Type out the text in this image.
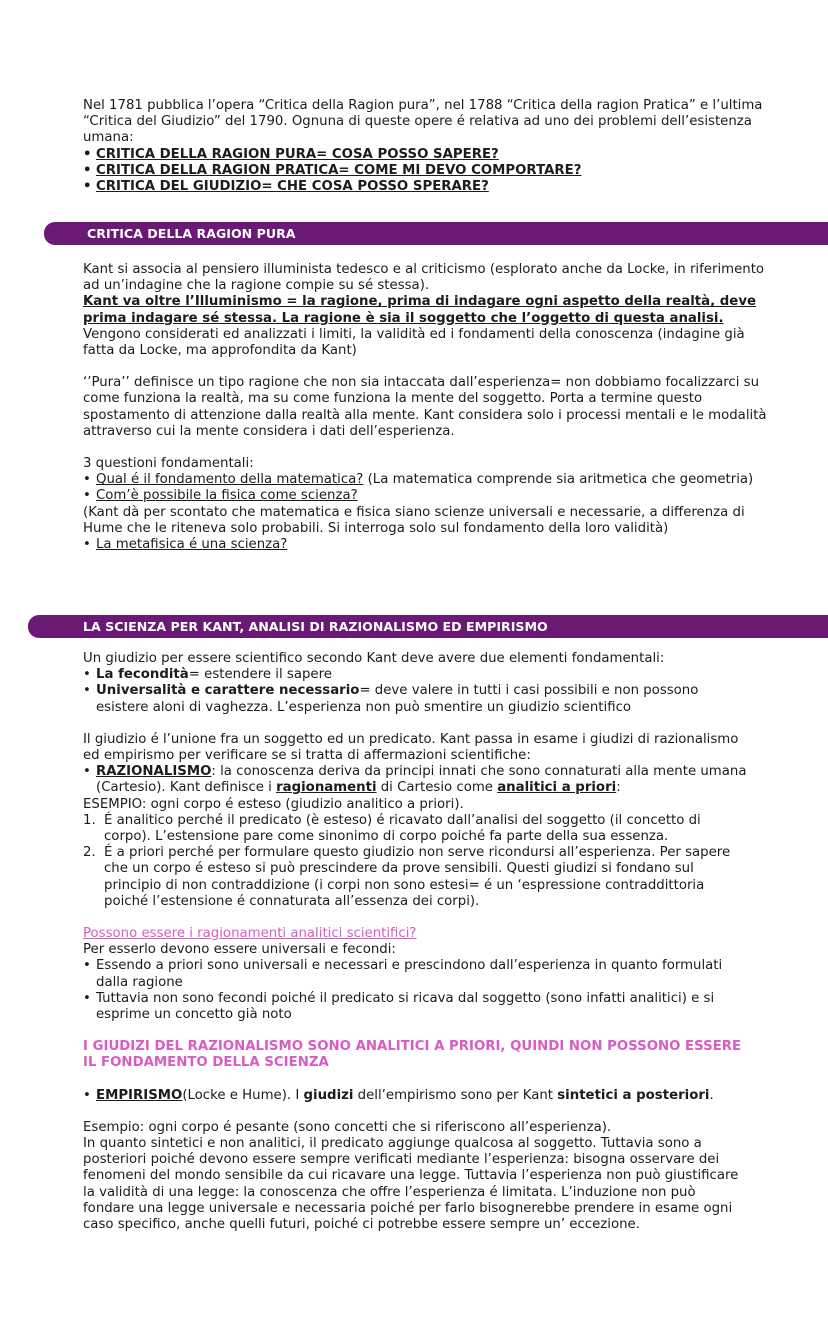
Nel 1781 pubblica l’opera “Critica della Ragion pura”, nel 1788 “Critica della ragion Pratica” e l’ultima “Critica del Giudizio” del 1790. Ognuna di queste opere é relativa ad uno dei problemi dell’esistenza umana:

• CRITICA DELLA RAGION PURA= COSA POSSO SAPERE?
• CRITICA DELLA RAGION PRATICA= COME MI DEVO COMPORTARE?
• CRITICA DEL GIUDIZIO= CHE COSA POSSO SPERARE?
CRITICA DELLA RAGION PURA

Kant si associa al pensiero illuminista tedesco e al criticismo (esplorato anche da Locke, in riferimento ad un’indagine che la ragione compie su sé stessa).

Kant va oltre l’Illuminismo = la ragione, prima di indagare ogni aspetto della realtà, deve prima indagare sé stessa. La ragione è sia il soggetto che l’oggetto di questa analisi.

Vengono considerati ed analizzati i limiti, la validità ed i fondamenti della conoscenza (indagine già fatta da Locke, ma approfondita da Kant)

‘’Pura’’ definisce un tipo ragione che non sia intaccata dall’esperienza= non dobbiamo focalizzarci su come funziona la realtà, ma su come funziona la mente del soggetto. Porta a termine questo spostamento di attenzione dalla realtà alla mente. Kant considera solo i processi mentali e le modalità attraverso cui la mente considera i dati dell’esperienza.

3 questioni fondamentali:

• Qual é il fondamento della matematica? (La matematica comprende sia aritmetica che geometria)
• Com’è possibile la fisica come scienza?

(Kant dà per scontato che matematica e fisica siano scienze universali e necessarie, a differenza di Hume che le riteneva solo probabili. Si interroga solo sul fondamento della loro validità)

• La metafisica é una scienza?
LA SCIENZA PER KANT, ANALISI DI RAZIONALISMO ED EMPIRISMO

Un giudizio per essere scientifico secondo Kant deve avere due elementi fondamentali:

• La fecondità= estendere il sapere
• Universalità e carattere necessario= deve valere in tutti i casi possibili e non possono esistere aloni di vaghezza. L’esperienza non può smentire un giudizio scientifico

Il giudizio é l’unione fra un soggetto ed un predicato. Kant passa in esame i giudizi di razionalismo ed empirismo per verificare se si tratta di affermazioni scientifiche:

• RAZIONALISMO: la conoscenza deriva da principi innati che sono connaturati alla mente umana (Cartesio). Kant definisce i ragionamenti di Cartesio come analitici a priori:

ESEMPIO: ogni corpo é esteso (giudizio analitico a priori).

1. É analitico perché il predicato (è esteso) é ricavato dall’analisi del soggetto (il concetto di corpo). L’estensione pare come sinonimo di corpo poiché fa parte della sua essenza.
2. É a priori perché per formulare questo giudizio non serve ricondursi all’esperienza. Per sapere che un corpo é esteso si può prescindere da prove sensibili. Questi giudizi si fondano sul principio di non contraddizione (i corpi non sono estesi= é un ‘espressione contraddittoria poiché l’estensione é connaturata all’essenza dei corpi).

Possono essere i ragionamenti analitici scientifici?

Per esserlo devono essere universali e fecondi:

• Essendo a priori sono universali e necessari e prescindono dall’esperienza in quanto formulati dalla ragione
• Tuttavia non sono fecondi poiché il predicato si ricava dal soggetto (sono infatti analitici) e si esprime un concetto già noto

I GIUDIZI DEL RAZIONALISMO SONO ANALITICI A PRIORI, QUINDI NON POSSONO ESSERE IL FONDAMENTO DELLA SCIENZA

• EMPIRISMO(Locke e Hume). I giudizi dell’empirismo sono per Kant sintetici a posteriori.

Esempio: ogni corpo é pesante (sono concetti che si riferiscono all’esperienza).

In quanto sintetici e non analitici, il predicato aggiunge qualcosa al soggetto. Tuttavia sono a posteriori poiché devono essere sempre verificati mediante l’esperienza: bisogna osservare dei fenomeni del mondo sensibile da cui ricavare una legge. Tuttavia l’esperienza non può giustificare la validità di una legge: la conoscenza che offre l’esperienza é limitata. L’induzione non può fondare una legge universale e necessaria poiché per farlo bisognerebbe prendere in esame ogni caso specifico, anche quelli futuri, poiché ci potrebbe essere sempre un’ eccezione.
